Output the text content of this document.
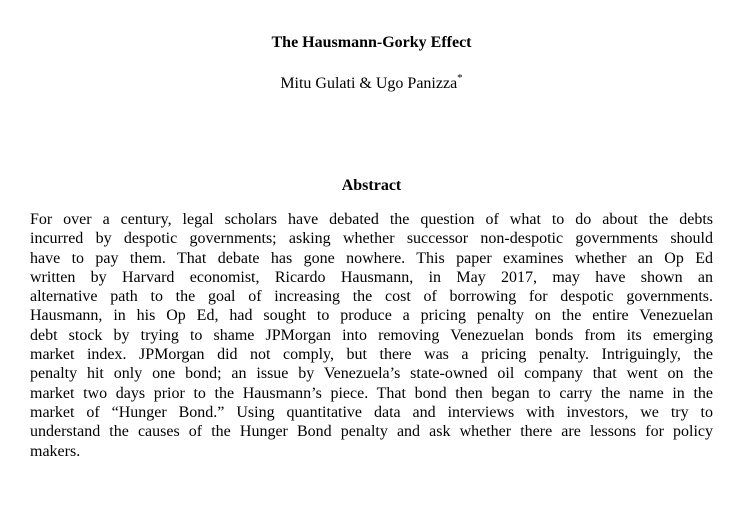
The Hausmann-Gorky Effect
Mitu Gulati & Ugo Panizza*
Abstract
For over a century, legal scholars have debated the question of what to do about the debts
incurred by despotic governments; asking whether successor non-despotic governments should
have to pay them. That debate has gone nowhere. This paper examines whether an Op Ed
written by Harvard economist, Ricardo Hausmann, in May 2017, may have shown an
alternative path to the goal of increasing the cost of borrowing for despotic governments.
Hausmann, in his Op Ed, had sought to produce a pricing penalty on the entire Venezuelan
debt stock by trying to shame JPMorgan into removing Venezuelan bonds from its emerging
market index. JPMorgan did not comply, but there was a pricing penalty. Intriguingly, the
penalty hit only one bond; an issue by Venezuela’s state-owned oil company that went on the
market two days prior to the Hausmann’s piece. That bond then began to carry the name in the
market of “Hunger Bond.” Using quantitative data and interviews with investors, we try to
understand the causes of the Hunger Bond penalty and ask whether there are lessons for policy
makers.
